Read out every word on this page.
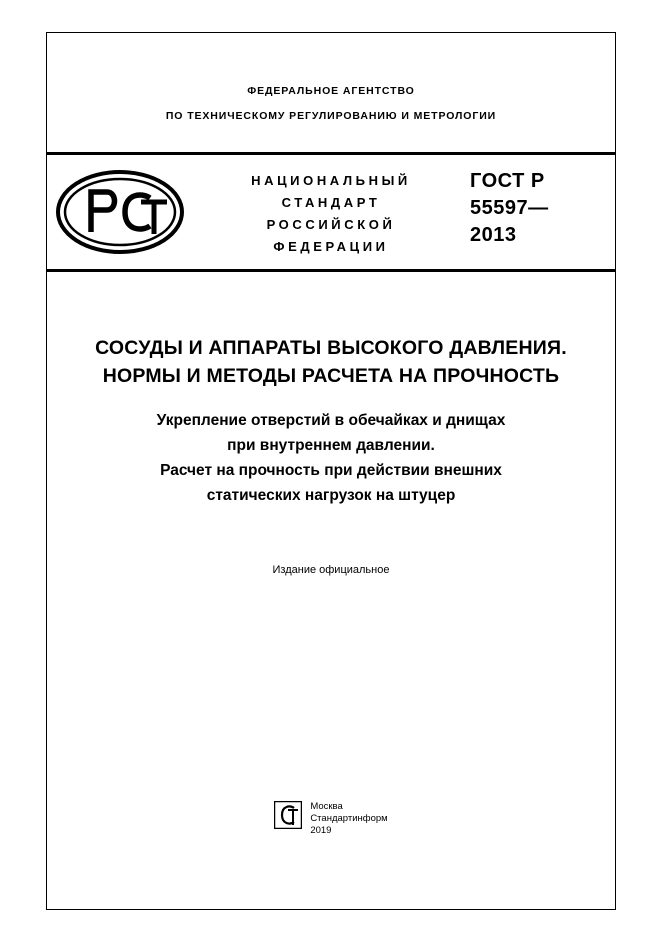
ФЕДЕРАЛЬНОЕ АГЕНТСТВО
ПО ТЕХНИЧЕСКОМУ РЕГУЛИРОВАНИЮ И МЕТРОЛОГИИ
НАЦИОНАЛЬНЫЙ
СТАНДАРТ
РОССИЙСКОЙ
ФЕДЕРАЦИИ
ГОСТ Р
55597—
2013
СОСУДЫ И АППАРАТЫ ВЫСОКОГО ДАВЛЕНИЯ.
НОРМЫ И МЕТОДЫ РАСЧЕТА НА ПРОЧНОСТЬ
Укрепление отверстий в обечайках и днищах
при внутреннем давлении.
Расчет на прочность при действии внешних
статических нагрузок на штуцер
Издание официальное
Москва
Стандартинформ
2019
